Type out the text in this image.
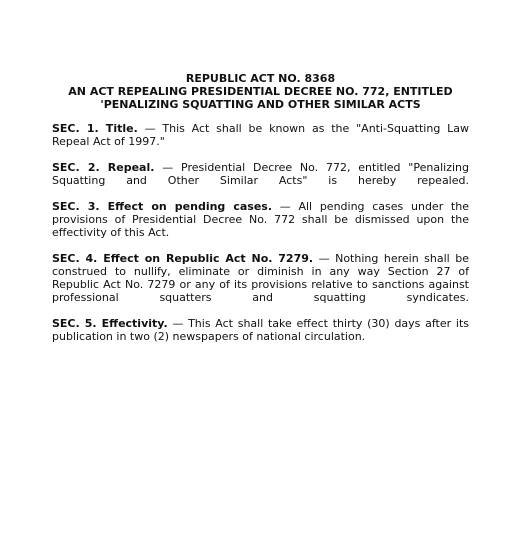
REPUBLIC ACT NO. 8368
AN ACT REPEALING PRESIDENTIAL DECREE NO. 772, ENTITLED
'PENALIZING SQUATTING AND OTHER SIMILAR ACTS

SEC. 1. Title. — This Act shall be known as the "Anti-Squatting Law Repeal Act of 1997."

SEC. 2. Repeal. — Presidential Decree No. 772, entitled "Penalizing Squatting and Other Similar Acts" is hereby repealed.

SEC. 3. Effect on pending cases. — All pending cases under the provisions of Presidential Decree No. 772 shall be dismissed upon the effectivity of this Act.

SEC. 4. Effect on Republic Act No. 7279. — Nothing herein shall be construed to nullify, eliminate or diminish in any way Section 27 of Republic Act No. 7279 or any of its provisions relative to sanctions against professional squatters and squatting syndicates.

SEC. 5. Effectivity. — This Act shall take effect thirty (30) days after its publication in two (2) newspapers of national circulation.
